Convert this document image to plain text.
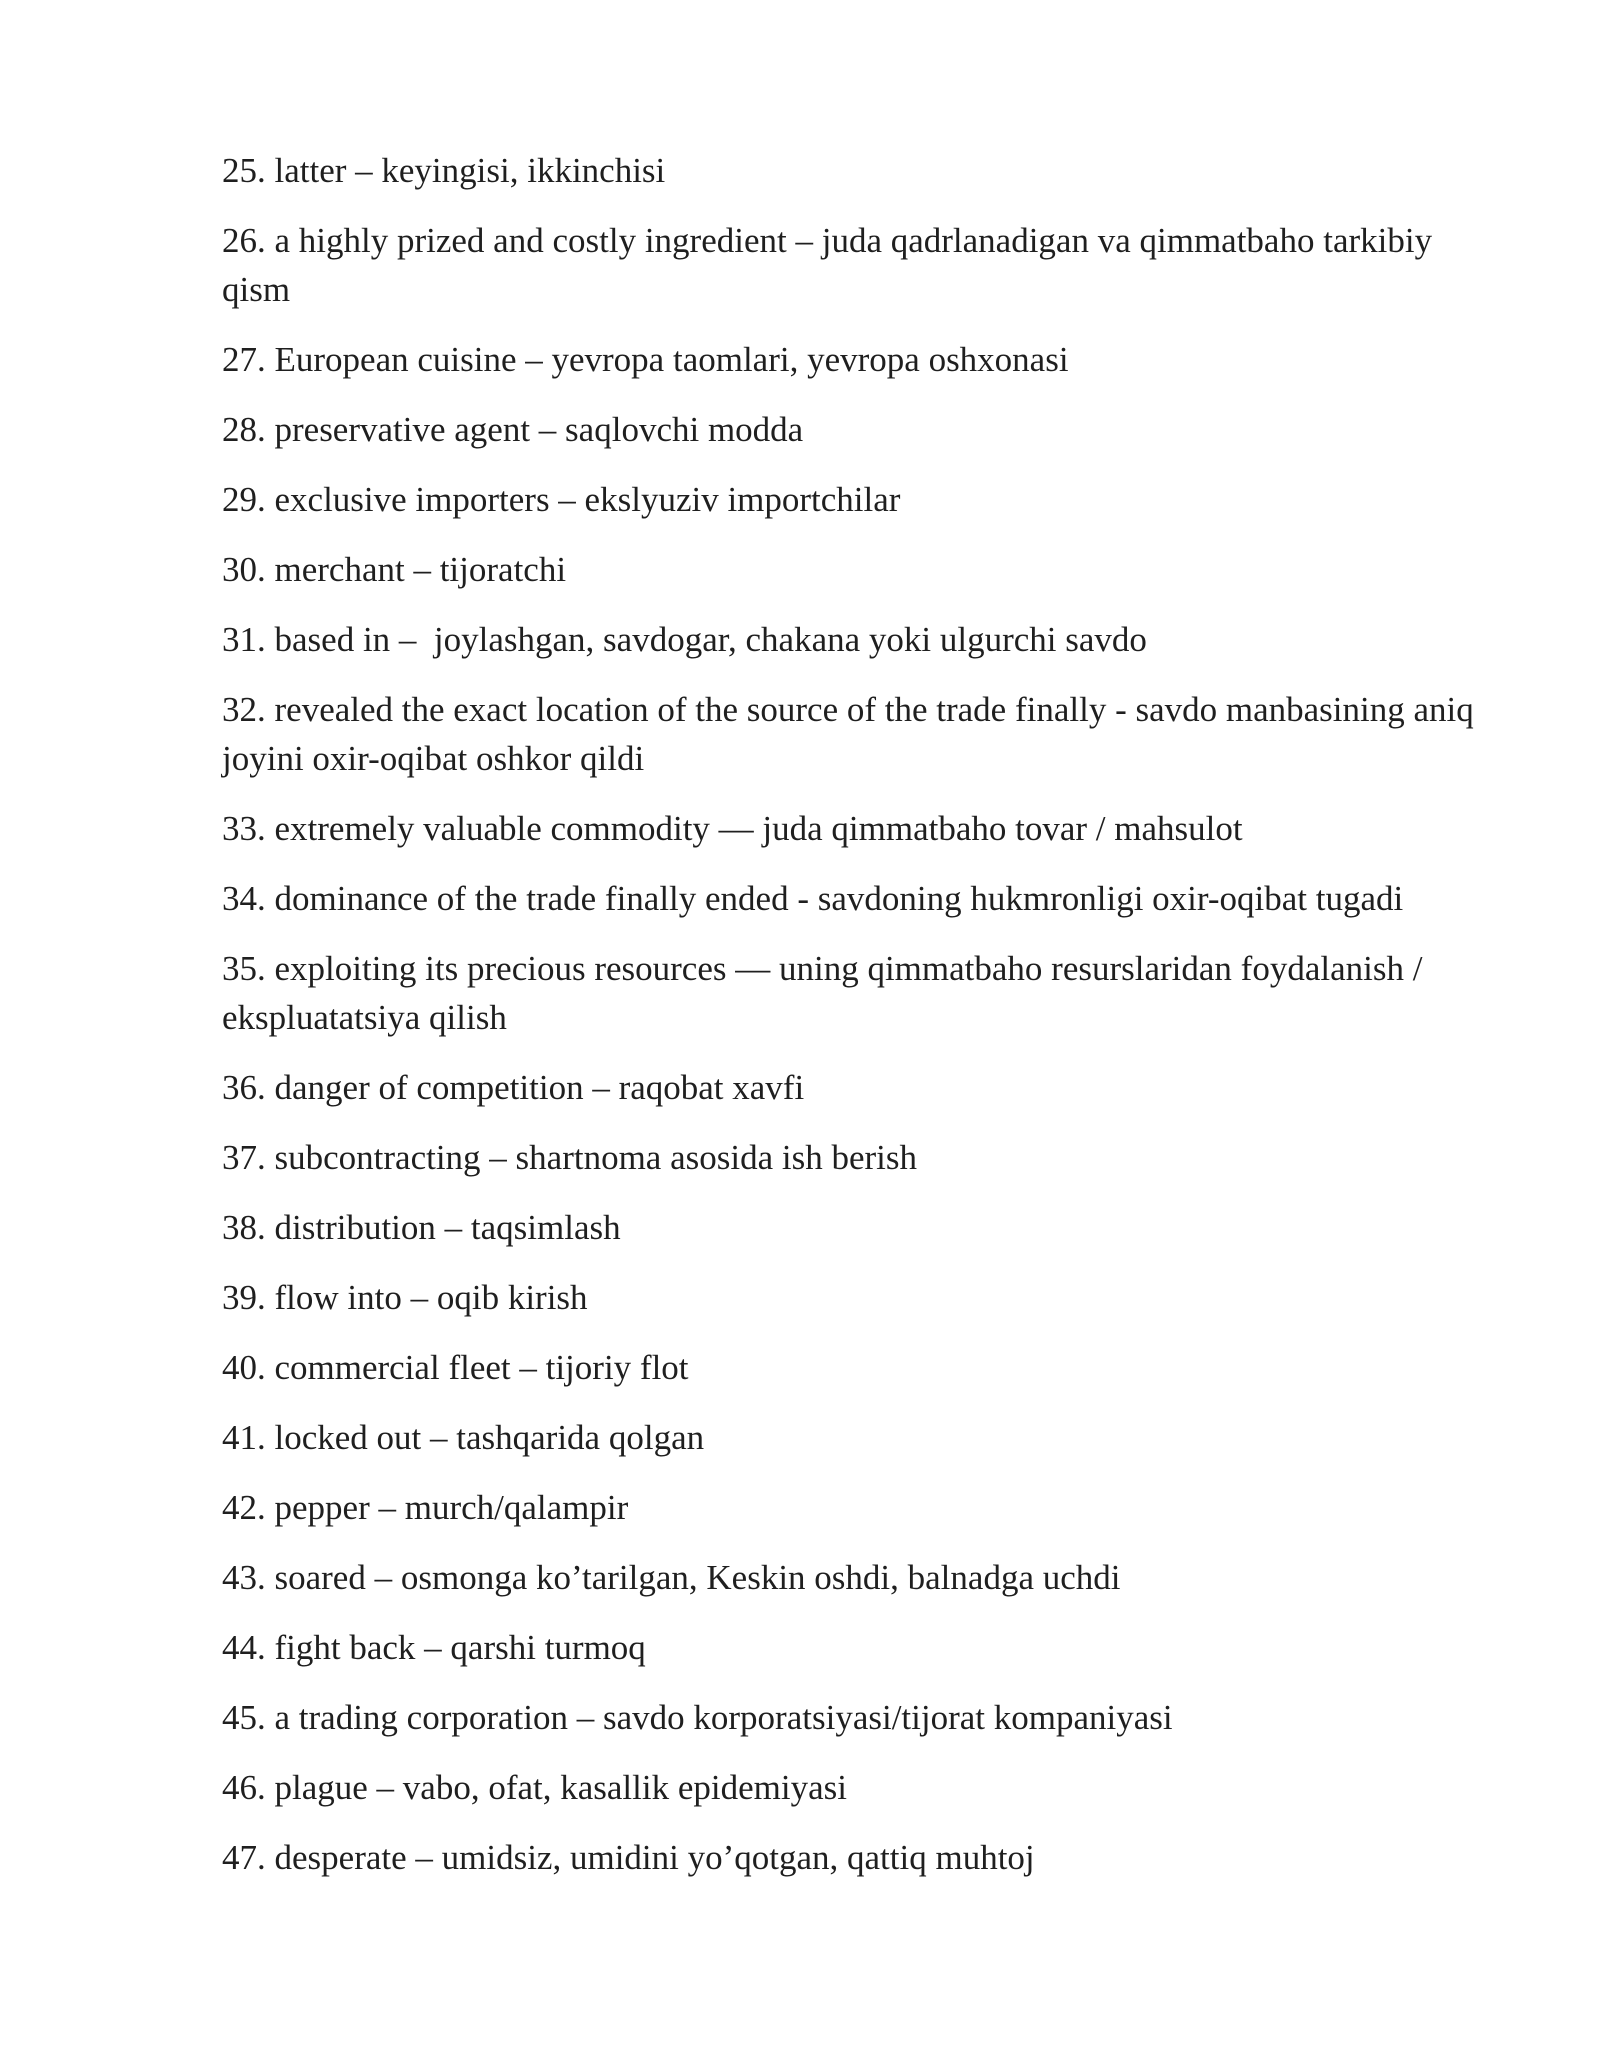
25. latter – keyingisi, ikkinchisi
26. a highly prized and costly ingredient – juda qadrlanadigan va qimmatbaho tarkibiy qism
27. European cuisine – yevropa taomlari, yevropa oshxonasi
28. preservative agent – saqlovchi modda
29. exclusive importers – ekslyuziv importchilar
30. merchant – tijoratchi
31. based in –  joylashgan, savdogar, chakana yoki ulgurchi savdo
32. revealed the exact location of the source of the trade finally - savdo manbasining aniq joyini oxir-oqibat oshkor qildi
33. extremely valuable commodity — juda qimmatbaho tovar / mahsulot
34. dominance of the trade finally ended - savdoning hukmronligi oxir-oqibat tugadi
35. exploiting its precious resources — uning qimmatbaho resurslaridan foydalanish / ekspluatatsiya qilish
36. danger of competition – raqobat xavfi
37. subcontracting – shartnoma asosida ish berish
38. distribution – taqsimlash
39. flow into – oqib kirish
40. commercial fleet – tijoriy flot
41. locked out – tashqarida qolgan
42. pepper – murch/qalampir
43. soared – osmonga ko’tarilgan, Keskin oshdi, balnadga uchdi
44. fight back – qarshi turmoq
45. a trading corporation – savdo korporatsiyasi/tijorat kompaniyasi
46. plague – vabo, ofat, kasallik epidemiyasi
47. desperate – umidsiz, umidini yo’qotgan, qattiq muhtoj
